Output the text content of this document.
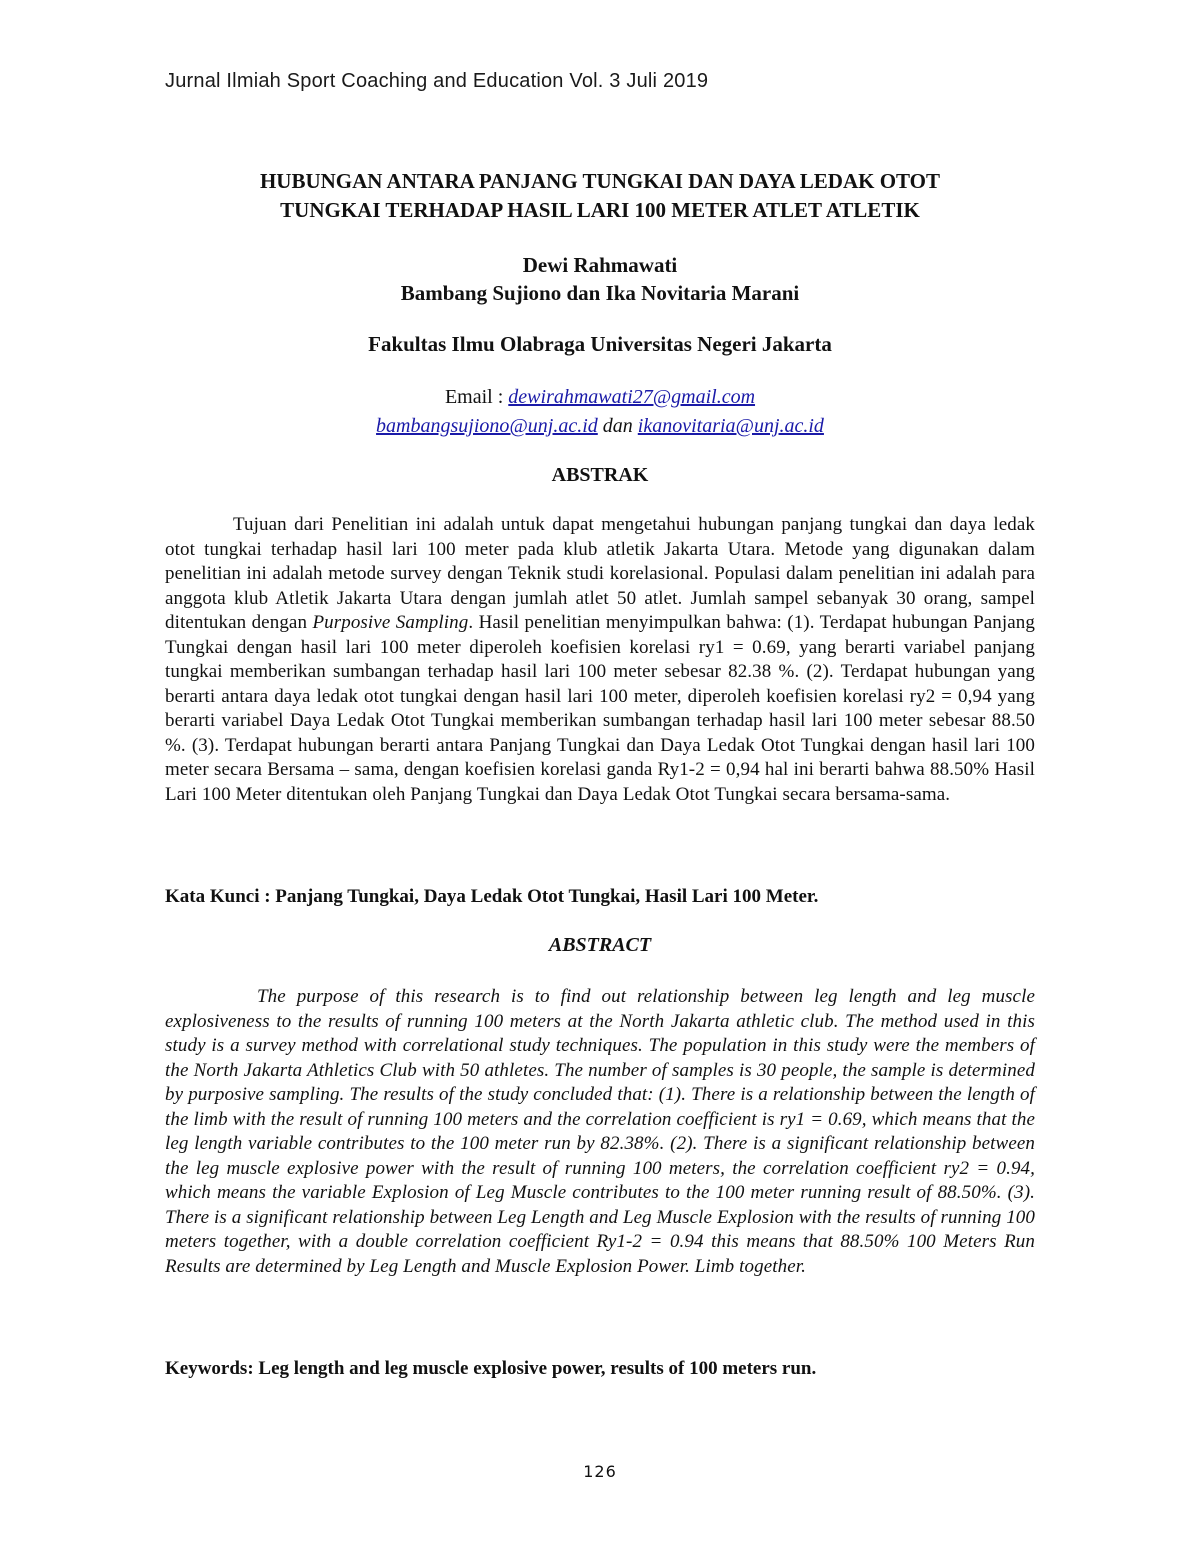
Jurnal Ilmiah Sport Coaching and Education Vol. 3 Juli 2019
HUBUNGAN ANTARA PANJANG TUNGKAI DAN DAYA LEDAK OTOT
TUNGKAI TERHADAP HASIL LARI 100 METER ATLET ATLETIK
Dewi Rahmawati
Bambang Sujiono dan Ika Novitaria Marani
Fakultas Ilmu Olabraga Universitas Negeri Jakarta
Email : dewirahmawati27@gmail.com
bambangsujiono@unj.ac.id dan ikanovitaria@unj.ac.id
ABSTRAK

Tujuan dari Penelitian ini adalah untuk dapat mengetahui hubungan panjang tungkai dan daya ledak otot tungkai terhadap hasil lari 100 meter pada klub atletik Jakarta Utara. Metode yang digunakan dalam penelitian ini adalah metode survey dengan Teknik studi korelasional. Populasi dalam penelitian ini adalah para anggota klub Atletik Jakarta Utara dengan jumlah atlet 50 atlet. Jumlah sampel sebanyak 30 orang, sampel ditentukan dengan Purposive Sampling. Hasil penelitian menyimpulkan bahwa: (1). Terdapat hubungan Panjang Tungkai dengan hasil lari 100 meter diperoleh koefisien korelasi ry1 = 0.69, yang berarti variabel panjang tungkai memberikan sumbangan terhadap hasil lari 100 meter sebesar 82.38 %. (2). Terdapat hubungan yang berarti antara daya ledak otot tungkai dengan hasil lari 100 meter, diperoleh koefisien korelasi ry2 = 0,94 yang berarti variabel Daya Ledak Otot Tungkai memberikan sumbangan terhadap hasil lari 100 meter sebesar 88.50 %. (3). Terdapat hubungan berarti antara Panjang Tungkai dan Daya Ledak Otot Tungkai dengan hasil lari 100 meter secara Bersama – sama, dengan koefisien korelasi ganda Ry1-2 = 0,94 hal ini berarti bahwa 88.50% Hasil Lari 100 Meter ditentukan oleh Panjang Tungkai dan Daya Ledak Otot Tungkai secara bersama-sama.

Kata Kunci : Panjang Tungkai, Daya Ledak Otot Tungkai, Hasil Lari 100 Meter.
ABSTRACT

The purpose of this research is to find out relationship between leg length and leg muscle explosiveness to the results of running 100 meters at the North Jakarta athletic club. The method used in this study is a survey method with correlational study techniques. The population in this study were the members of the North Jakarta Athletics Club with 50 athletes. The number of samples is 30 people, the sample is determined by purposive sampling. The results of the study concluded that: (1). There is a relationship between the length of the limb with the result of running 100 meters and the correlation coefficient is ry1 = 0.69, which means that the leg length variable contributes to the 100 meter run by 82.38%. (2). There is a significant relationship between the leg muscle explosive power with the result of running 100 meters, the correlation coefficient ry2 = 0.94, which means the variable Explosion of Leg Muscle contributes to the 100 meter running result of 88.50%. (3). There is a significant relationship between Leg Length and Leg Muscle Explosion with the results of running 100 meters together, with a double correlation coefficient Ry1-2 = 0.94 this means that 88.50% 100 Meters Run Results are determined by Leg Length and Muscle Explosion Power. Limb together.

Keywords: Leg length and leg muscle explosive power, results of 100 meters run.
126
